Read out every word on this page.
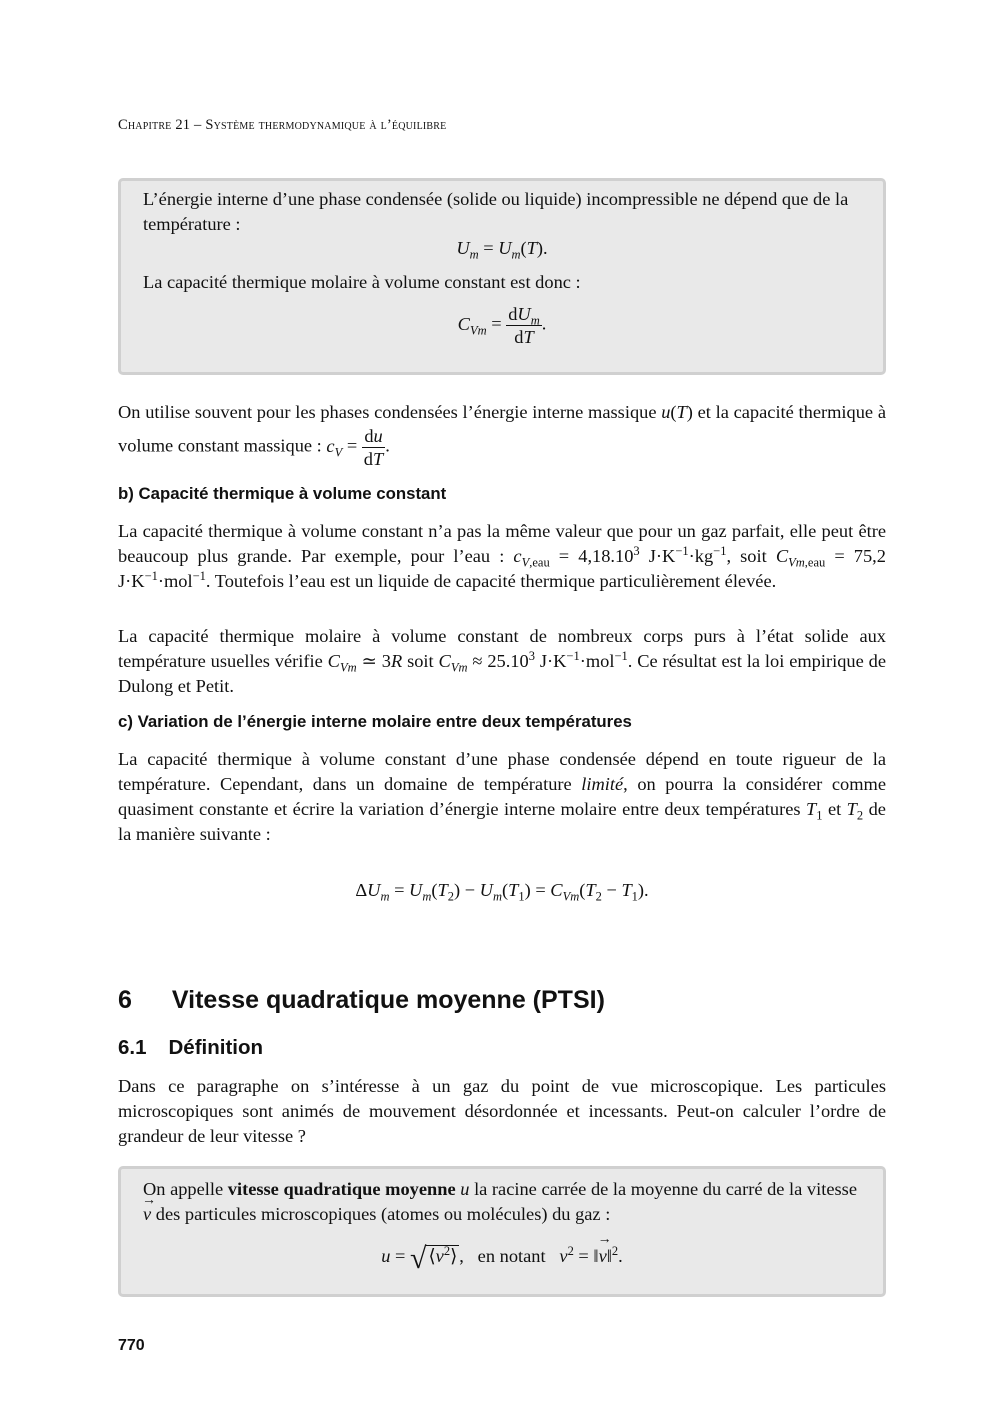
Chapitre 21 – Système thermodynamique à l’équilibre

L’énergie interne d’une phase condensée (solide ou liquide) incompressible ne dépend que de la température :

$U_m = U_m(T)$.

La capacité thermique molaire à volume constant est donc :

$C_{Vm} = \frac{dU_m}{dT}$ .

On utilise souvent pour les phases condensées l’énergie interne massique u(T) et la capacité thermique à volume constant massique : $c_V = \frac{du}{dT}$ .

b) Capacité thermique à volume constant

La capacité thermique à volume constant n’a pas la même valeur que pour un gaz parfait, elle peut être beaucoup plus grande. Par exemple, pour l’eau : $c_{V,eau} = 4,18.10^3$ $J\cdot K^{-1}\cdot kg^{-1}$, soit $C_{Vm,eau} = 75,2$ $J\cdot K^{-1}\cdot mol^{-1}$. Toutefois l’eau est un liquide de capacité thermique particulièrement élevée.

La capacité thermique molaire à volume constant de nombreux corps purs à l’état solide aux température usuelles vérifie $C_{Vm}$ ≃ 3R soit $C_{Vm} \approx 25.10^3$ $J\cdot K^{-1}\cdot mol^{-1}$. Ce résultat est la loi empirique de Dulong et Petit.

c) Variation de l’énergie interne molaire entre deux températures

La capacité thermique à volume constant d’une phase condensée dépend en toute rigueur de la température. Cependant, dans un domaine de température limité, on pourra la considérer comme quasiment constante et écrire la variation d’énergie interne molaire entre deux températures $T_1$ et $T_2$ de la manière suivante :

$\Delta U_m = U_m(T_2) - U_m(T_1) = C_{Vm}(T_2 - T_1)$.
6 Vitesse quadratique moyenne (PTSI)
6.1 Définition

Dans ce paragraphe on s’intéresse à un gaz du point de vue microscopique. Les particules microscopiques sont animés de mouvement désordonnée et incessants. Peut-on calculer l’ordre de grandeur de leur vitesse ?

On appelle vitesse quadratique moyenne u la racine carrée de la moyenne du carré de la vitesse → v des particules microscopiques (atomes ou molécules) du gaz :

u = √ $⟨v^2⟩$ ,   en notant $v^2$ = ‖→ v‖$^2$.
770
